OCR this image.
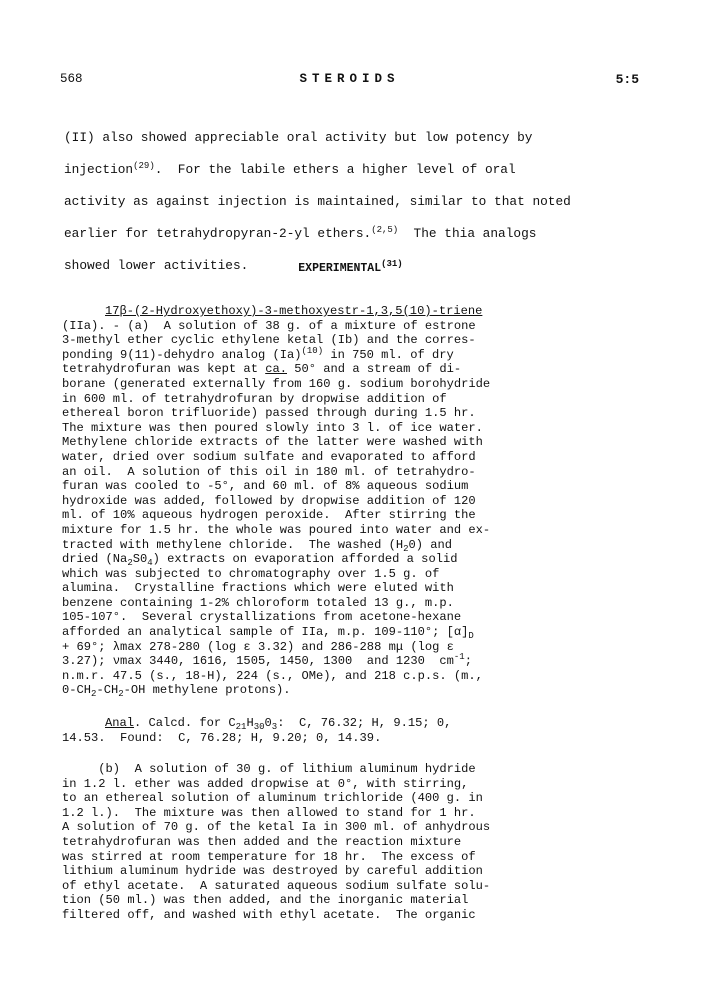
568	STEROIDS	5:5
(II) also showed appreciable oral activity but low potency by
injection$^{(29)}$.  For the labile ethers a higher level of oral
activity as against injection is maintained, similar to that noted
earlier for tetrahydropyran-2-yl ethers.$^{(2,5)}$  The thia analogs
showed lower activities.	EXPERIMENTAL$^{(31)}$
17β-(2-Hydroxyethoxy)-3-methoxyestr-1,3,5(10)-triene
(IIa). - (a)  A solution of 38 g. of a mixture of estrone
3-methyl ether cyclic ethylene ketal (Ib) and the corres-
ponding 9(11)-dehydro analog $(Ia)^{(10)}$ in 750 ml. of dry
tetrahydrofuran was kept at ca. 50° and a stream of di-
borane (generated externally from 160 g. sodium borohydride
in 600 ml. of tetrahydrofuran by dropwise addition of
ethereal boron trifluoride) passed through during 1.5 hr.
The mixture was then poured slowly into 3 l. of ice water.
Methylene chloride extracts of the latter were washed with
water, dried over sodium sulfate and evaporated to afford
an oil.  A solution of this oil in 180 ml. of tetrahydro-
furan was cooled to -5°, and 60 ml. of 8% aqueous sodium
hydroxide was added, followed by dropwise addition of 120
ml. of 10% aqueous hydrogen peroxide.  After stirring the
mixture for 1.5 hr. the whole was poured into water and ex-
tracted with methylene chloride.  The washed $(H_20)$ and
dried $(Na_2S0_4)$ extracts on evaporation afforded a solid
which was subjected to chromatography over 1.5 g. of
alumina.  Crystalline fractions which were eluted with
benzene containing 1-2% chloroform totaled 13 g., m.p.
105-107°.  Several crystallizations from acetone-hexane
afforded an analytical sample of IIa, m.p. 109-110°; $[\alpha]_D$
+ 69°; λmax 278-280 (log ε 3.32) and 286-288 mμ (log ε
3.27); νmax 3440, 1616, 1505, 1450, 1300  and 1230  $cm^{-1}$;
n.m.r. 47.5 (s., 18-H), 224 (s., OMe), and 218 c.p.s. (m.,
$0-CH_2-CH_2-OH$ methylene protons).
Anal. Calcd. for $C_{21}H_{30}0_3$:  C, 76.32; H, 9.15; 0,
14.53.  Found:  C, 76.28; H, 9.20; 0, 14.39.
(b)  A solution of 30 g. of lithium aluminum hydride
in 1.2 l. ether was added dropwise at 0°, with stirring,
to an ethereal solution of aluminum trichloride (400 g. in
1.2 l.).  The mixture was then allowed to stand for 1 hr.
A solution of 70 g. of the ketal Ia in 300 ml. of anhydrous
tetrahydrofuran was then added and the reaction mixture
was stirred at room temperature for 18 hr.  The excess of
lithium aluminum hydride was destroyed by careful addition
of ethyl acetate.  A saturated aqueous sodium sulfate solu-
tion (50 ml.) was then added, and the inorganic material
filtered off, and washed with ethyl acetate.  The organic
